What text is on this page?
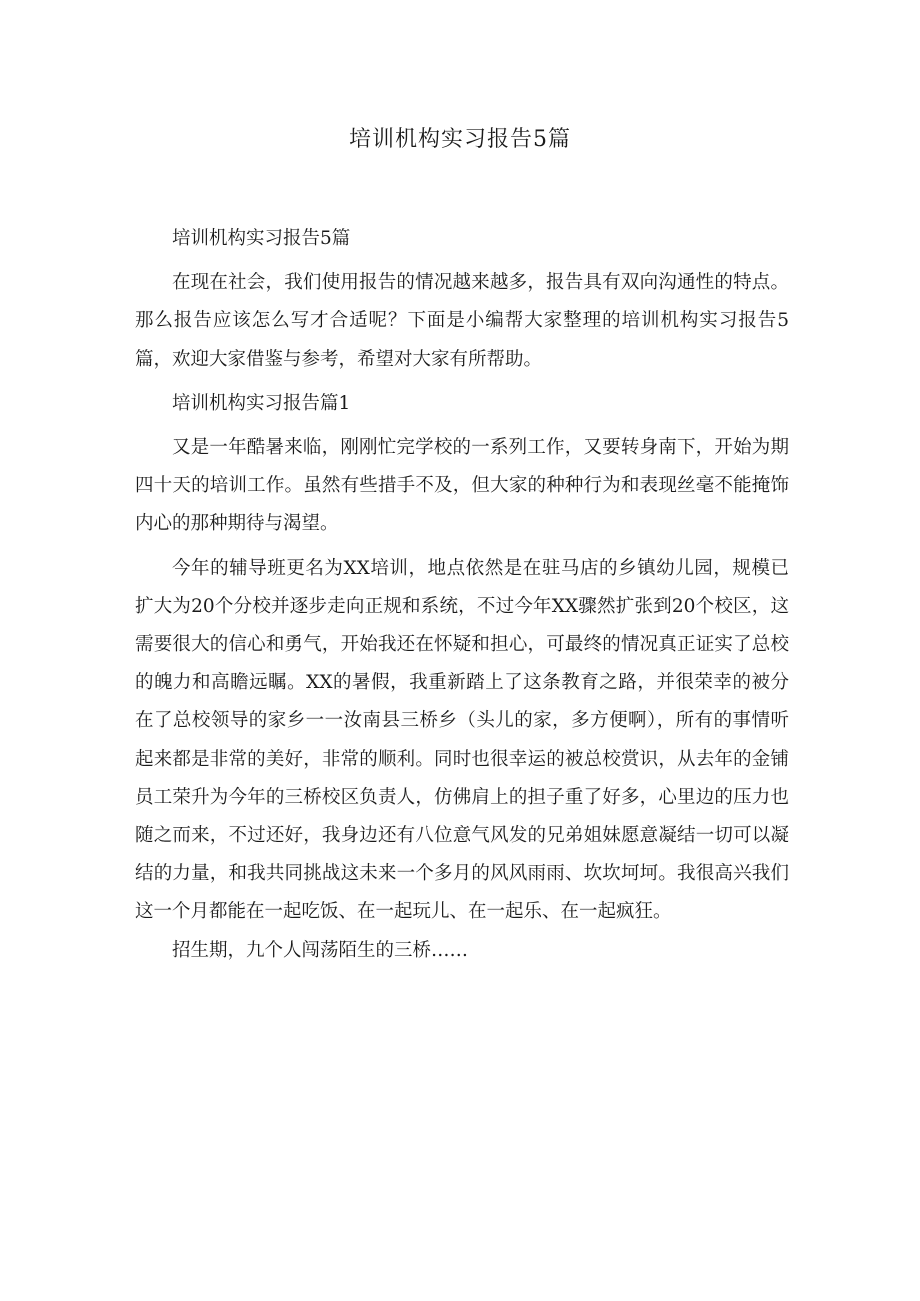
培训机构实习报告5篇

培训机构实习报告5篇

在现在社会，我们使用报告的情况越来越多，报告具有双向沟通性的特点。那么报告应该怎么写才合适呢？下面是小编帮大家整理的培训机构实习报告5篇，欢迎大家借鉴与参考，希望对大家有所帮助。

培训机构实习报告篇1

又是一年酷暑来临，刚刚忙完学校的一系列工作，又要转身南下，开始为期四十天的培训工作。虽然有些措手不及，但大家的种种行为和表现丝毫不能掩饰内心的那种期待与渴望。

今年的辅导班更名为XX培训，地点依然是在驻马店的乡镇幼儿园，规模已扩大为20个分校并逐步走向正规和系统，不过今年XX骤然扩张到20个校区，这需要很大的信心和勇气，开始我还在怀疑和担心，可最终的情况真正证实了总校的魄力和高瞻远瞩。XX的暑假，我重新踏上了这条教育之路，并很荣幸的被分在了总校领导的家乡一一汝南县三桥乡（头儿的家，多方便啊），所有的事情听起来都是非常的美好，非常的顺利。同时也很幸运的被总校赏识，从去年的金铺员工荣升为今年的三桥校区负责人，仿佛肩上的担子重了好多，心里边的压力也随之而来，不过还好，我身边还有八位意气风发的兄弟姐妹愿意凝结一切可以凝结的力量，和我共同挑战这未来一个多月的风风雨雨、坎坎坷坷。我很高兴我们这一个月都能在一起吃饭、在一起玩儿、在一起乐、在一起疯狂。

招生期，九个人闯荡陌生的三桥……
